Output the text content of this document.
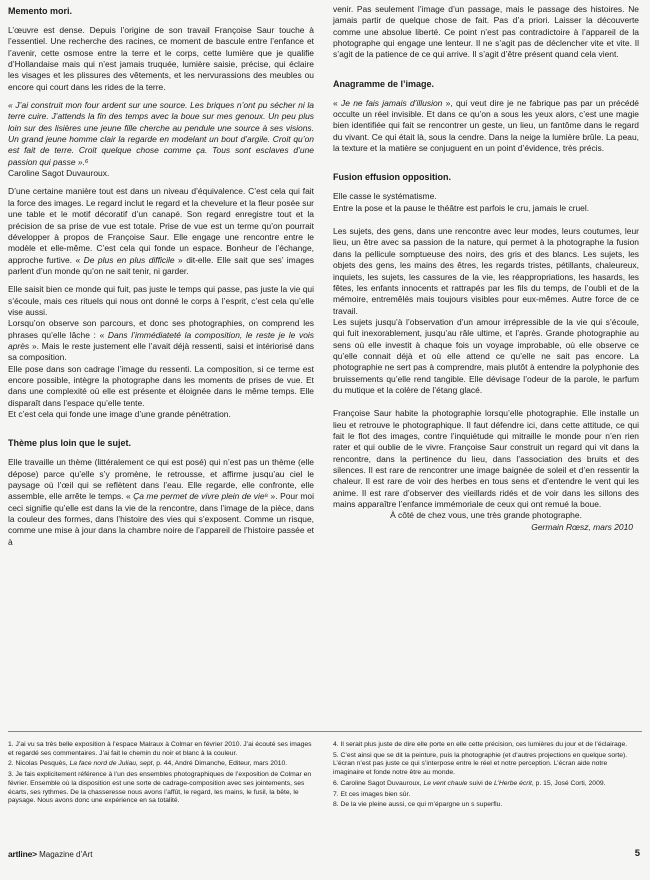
Memento mori.

L’œuvre est dense. Depuis l’origine de son travail Françoise Saur touche à l’essentiel. Une recherche des racines, ce moment de bascule entre l’enfance et l’avenir, cette osmose entre la terre et le corps, cette lumière que je qualifie d’Hollandaise mais qui n’est jamais truquée, lumière saisie, précise, qui éclaire les visages et les plissures des vêtements, et les nervurassions des meubles ou encore qui court dans les rides de la terre.

« J’ai construit mon four ardent sur une source. Les briques n’ont pu sécher ni la terre cuire. J’attends la fin des temps avec la boue sur mes genoux. Un peu plus loin sur des lisières une jeune fille cherche au pendule une source à ses visions. Un grand jeune homme clair la regarde en modelant un bout d’argile. Croit qu’on est fait de terre. Croit quelque chose comme ça. Tous sont esclaves d’une passion qui passe ».⁶

Caroline Sagot Duvauroux.

D’une certaine manière tout est dans un niveau d’équivalence. C’est cela qui fait la force des images. Le regard inclut le regard et la chevelure et la fleur posée sur une table et le motif décoratif d’un canapé. Son regard enregistre tout et la précision de sa prise de vue est totale. Prise de vue est un terme qu’on pourrait développer à propos de Françoise Saur. Elle engage une rencontre entre le modèle et elle-même. C’est cela qui fonde un espace. Bonheur de l’échange, approche furtive. « De plus en plus difficile » dit-elle. Elle sait que ses’ images parlent d’un monde qu’on ne sait tenir, ni garder.

Elle saisit bien ce monde qui fuit, pas juste le temps qui passe, pas juste la vie qui s’écoule, mais ces rituels qui nous ont donné le corps à l’esprit, c’est cela qu’elle vise aussi.

Lorsqu’on observe son parcours, et donc ses photographies, on comprend les phrases qu’elle lâche : « Dans l’immédiateté la composition, le reste je le vois après ». Mais le reste justement elle l’avait déjà ressenti, saisi et intériorisé dans sa composition.

Elle pose dans son cadrage l’image du ressenti. La composition, si ce terme est encore possible, intègre la photographe dans les moments de prises de vue. Et dans une complexité où elle est présente et éloignée dans le même temps. Elle disparaît dans l’espace qu’elle tente.

Et c’est cela qui fonde une image d’une grande pénétration.

Thème plus loin que le sujet.

Elle travaille un thème (littéralement ce qui est posé) qui n’est pas un thème (elle dépose) parce qu’elle s’y promène, le retrousse, et affirme jusqu’au ciel le paysage où l’œil qui se reflètent dans l’eau. Elle regarde, elle confronte, elle assemble, elle arrête le temps. « Ça me permet de vivre plein de vie⁸ ». Pour moi ceci signifie qu’elle est dans la vie de la rencontre, dans l’image de la pièce, dans la couleur des formes, dans l’histoire des vies qui s’exposent. Comme un risque, comme une mise à jour dans la chambre noire de l’appareil de l’histoire passée et à

venir. Pas seulement l’image d’un passage, mais le passage des histoires. Ne jamais partir de quelque chose de fait. Pas d’a priori. Laisser la découverte comme une absolue liberté. Ce point n’est pas contradictoire à l’appareil de la photographe qui engage une lenteur. Il ne s’agit pas de déclencher vite et vite. Il s’agit de la patience de ce qui arrive. Il s’agit d’être présent quand cela vient.

Anagramme de l’image.

« Je ne fais jamais d’illusion », qui veut dire je ne fabrique pas par un précédé occulte un réel invisible. Et dans ce qu’on a sous les yeux alors, c’est une magie bien identifiée qui fait se rencontrer un geste, un lieu, un fantôme dans le regard du vivant. Ce qui était là, sous la cendre. Dans la neige la lumière brûle. La peau, la texture et la matière se conjuguent en un point d’évidence, très précis.

Fusion effusion opposition.

Elle casse le systématisme.

Entre la pose et la pause le théâtre est parfois le cru, jamais le cruel.

Les sujets, des gens, dans une rencontre avec leur modes, leurs coutumes, leur lieu, un être avec sa passion de la nature, qui permet à la photographe la fusion dans la pellicule somptueuse des noirs, des gris et des blancs. Les sujets, les objets des gens, les mains des êtres, les regards tristes, pétillants, chaleureux, inquiets, les sujets, les cassures de la vie, les réappropriations, les hasards, les fêtes, les enfants innocents et rattrapés par les fils du temps, de l’oubli et de la mémoire, entremêlés mais toujours visibles pour eux-mêmes. Autre force de ce travail.

Les sujets jusqu’à l’observation d’un amour irrépressible de la vie qui s’écoule, qui fuit inexorablement, jusqu’au râle ultime, et l’après. Grande photographie au sens où elle investit à chaque fois un voyage improbable, où elle observe ce qu’elle connait déjà et où elle attend ce qu’elle ne sait pas encore. La photographie ne sert pas à comprendre, mais plutôt à entendre la polyphonie des bruissements qu’elle rend tangible. Elle dévisage l’odeur de la parole, le parfum du mutique et la colère de l’étang glacé.

Françoise Saur habite la photographie lorsqu’elle photographie. Elle installe un lieu et retrouve le photographique. Il faut défendre ici, dans cette attitude, ce qui fait le flot des images, contre l’inquiétude qui mitraille le monde pour n’en rien rater et qui oublie de le vivre. Françoise Saur construit un regard qui vit dans la rencontre, dans la pertinence du lieu, dans l’association des bruits et des silences. Il est rare de rencontrer une image baignée de soleil et d’en ressentir la chaleur. Il est rare de voir des herbes en tous sens et d’entendre le vent qui les anime. Il est rare d’observer des vieillards ridés et de voir dans les sillons des mains apparaître l’enfance immémoriale de ceux qui ont remué la boue.

À côté de chez vous, une très grande photographe.

Germain Rœsz, mars 2010

1. J’ai vu sa très belle exposition à l’espace Malraux à Colmar en février 2010. J’ai écouté ses images et regardé ses commentaires. J’ai fait le chemin du noir et blanc à la couleur.

2. Nicolas Pesquès, La face nord de Juliau, sept, p. 44, André Dimanche, Editeur, mars 2010.

3. Je fais explicitement référence à l’un des ensembles photographiques de l’exposition de Colmar en février. Ensemble où la disposition est une sorte de cadrage-composition avec ses jointements, ses écarts, ses rythmes. De la chasseresse nous avons l’affût, le regard, les mains, le fusil, la bête, le paysage. Nous avons donc une expérience en sa totalité.

4. Il serait plus juste de dire elle porte en elle cette précision, ces lumières du jour et de l’éclairage.

5. C’est ainsi que se dit la peinture, puis la photographie (et d’autres projections en quelque sorte). L’écran n’est pas juste ce qui s’interpose entre le réel et notre perception. L’écran aide notre imaginaire et fonde notre être au monde.

6. Caroline Sagot Duvauroux, Le vent chaule suivi de L’Herbe écrit, p. 15, José Corti, 2009.

7. Et ces images bien sûr.

8. De la vie pleine aussi, ce qui m’épargne un s superflu.

artline> Magazine d’Art	5
